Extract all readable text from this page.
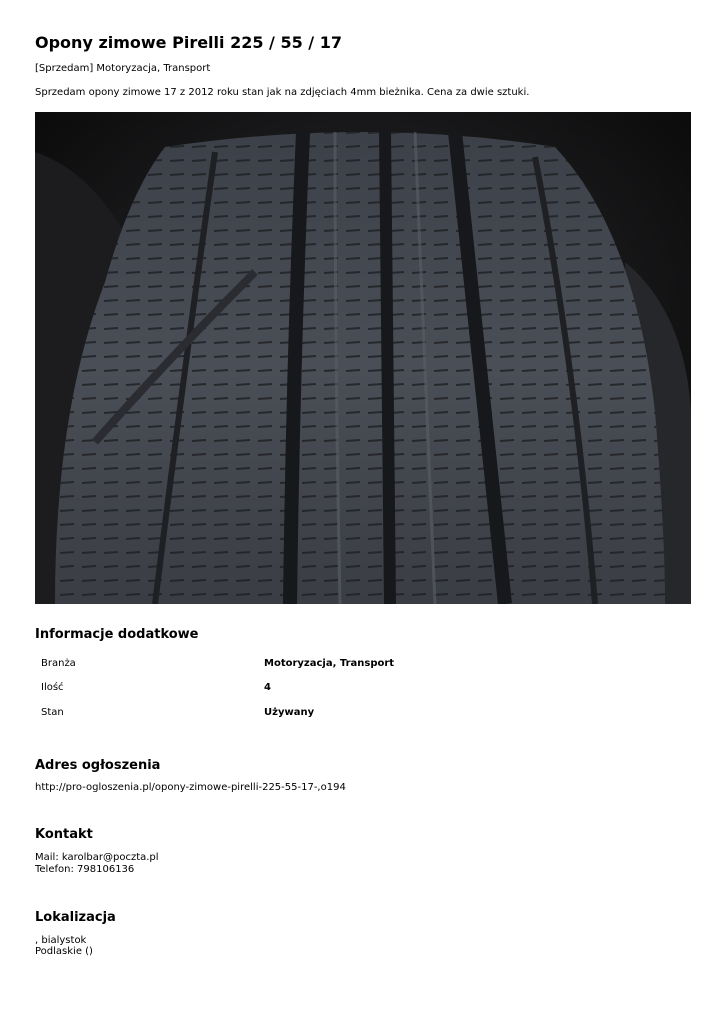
Opony zimowe Pirelli 225 / 55 / 17
[Sprzedam] Motoryzacja, Transport
Sprzedam opony zimowe 17 z 2012 roku stan jak na zdjęciach 4mm bieżnika. Cena za dwie sztuki.
Informacje dodatkowe
Branża	Motoryzacja, Transport
Ilość	4
Stan	Używany
Adres ogłoszenia
http://pro-ogloszenia.pl/opony-zimowe-pirelli-225-55-17-,o194
Kontakt
Mail: karolbar@poczta.pl
Telefon: 798106136
Lokalizacja
, bialystok
Podlaskie ()
